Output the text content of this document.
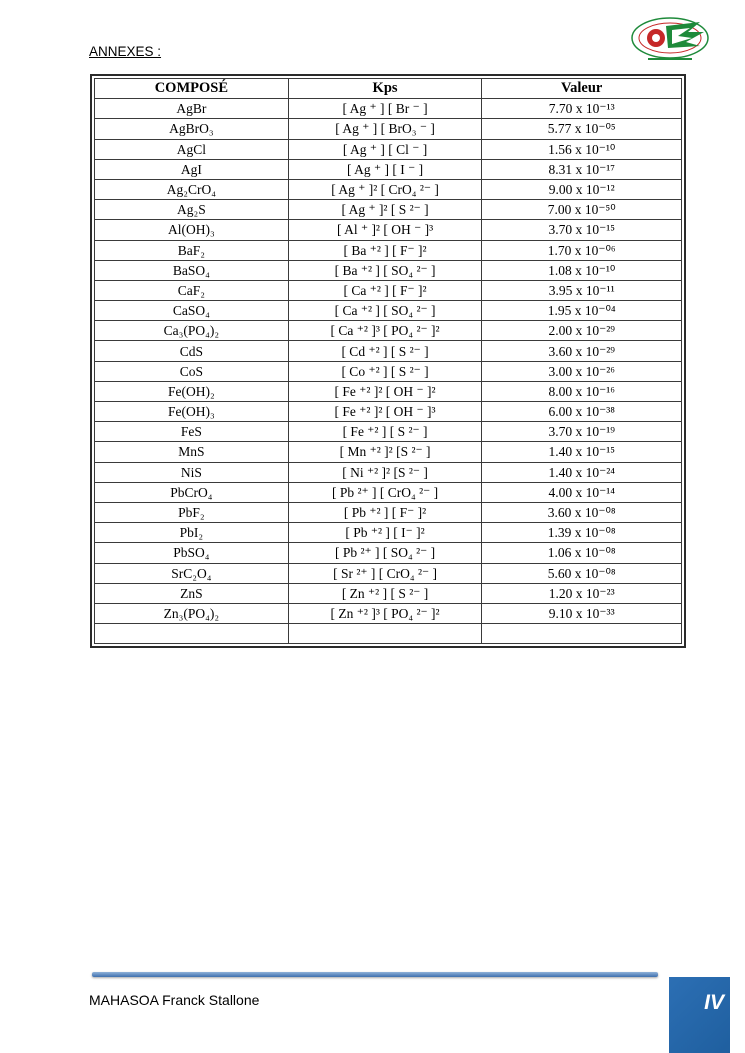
ANNEXES :
COMPOSÉ	Kps	Valeur
AgBr	[ Ag ⁺ ] [ Br ⁻ ]	7.70 x 10⁻¹³
AgBrO₃	[ Ag ⁺ ] [ BrO₃ ⁻ ]	5.77 x 10⁻⁰⁵
AgCl	[ Ag ⁺ ] [ Cl ⁻ ]	1.56 x 10⁻¹⁰
AgI	[ Ag ⁺ ] [ I ⁻ ]	8.31 x 10⁻¹⁷
Ag₂CrO₄	[ Ag ⁺ ]² [ CrO₄ ²⁻ ]	9.00 x 10⁻¹²
Ag₂S	[ Ag ⁺ ]² [ S ²⁻ ]	7.00 x 10⁻⁵⁰
Al(OH)₃	[ Al ⁺ ]² [ OH ⁻ ]³	3.70 x 10⁻¹⁵
BaF₂	[ Ba ⁺² ] [ F⁻ ]²	1.70 x 10⁻⁰⁶
BaSO₄	[ Ba ⁺² ] [ SO₄ ²⁻ ]	1.08 x 10⁻¹⁰
CaF₂	[ Ca ⁺² ] [ F⁻ ]²	3.95 x 10⁻¹¹
CaSO₄	[ Ca ⁺² ] [ SO₄ ²⁻ ]	1.95 x 10⁻⁰⁴
Ca₃(PO₄)₂	[ Ca ⁺² ]³ [ PO₄ ²⁻ ]²	2.00 x 10⁻²⁹
CdS	[ Cd ⁺² ] [ S ²⁻ ]	3.60 x 10⁻²⁹
CoS	[ Co ⁺² ] [ S ²⁻ ]	3.00 x 10⁻²⁶
Fe(OH)₂	[ Fe ⁺² ]² [ OH ⁻ ]²	8.00 x 10⁻¹⁶
Fe(OH)₃	[ Fe ⁺² ]² [ OH ⁻ ]³	6.00 x 10⁻³⁸
FeS	[ Fe ⁺² ] [ S ²⁻ ]	3.70 x 10⁻¹⁹
MnS	[ Mn ⁺² ]² [S ²⁻ ]	1.40 x 10⁻¹⁵
NiS	[ Ni ⁺² ]² [S ²⁻ ]	1.40 x 10⁻²⁴
PbCrO₄	[ Pb ²⁺ ] [ CrO₄ ²⁻ ]	4.00 x 10⁻¹⁴
PbF₂	[ Pb ⁺² ] [ F⁻ ]²	3.60 x 10⁻⁰⁸
PbI₂	[ Pb ⁺² ] [ I⁻ ]²	1.39 x 10⁻⁰⁸
PbSO₄	[ Pb ²⁺ ] [ SO₄ ²⁻ ]	1.06 x 10⁻⁰⁸
SrC₂O₄	[ Sr ²⁺ ] [ CrO₄ ²⁻ ]	5.60 x 10⁻⁰⁸
ZnS	[ Zn ⁺² ] [ S ²⁻ ]	1.20 x 10⁻²³
Zn₃(PO₄)₂	[ Zn ⁺² ]³ [ PO₄ ²⁻ ]²	9.10 x 10⁻³³

MAHASOA Franck Stallone	IV
